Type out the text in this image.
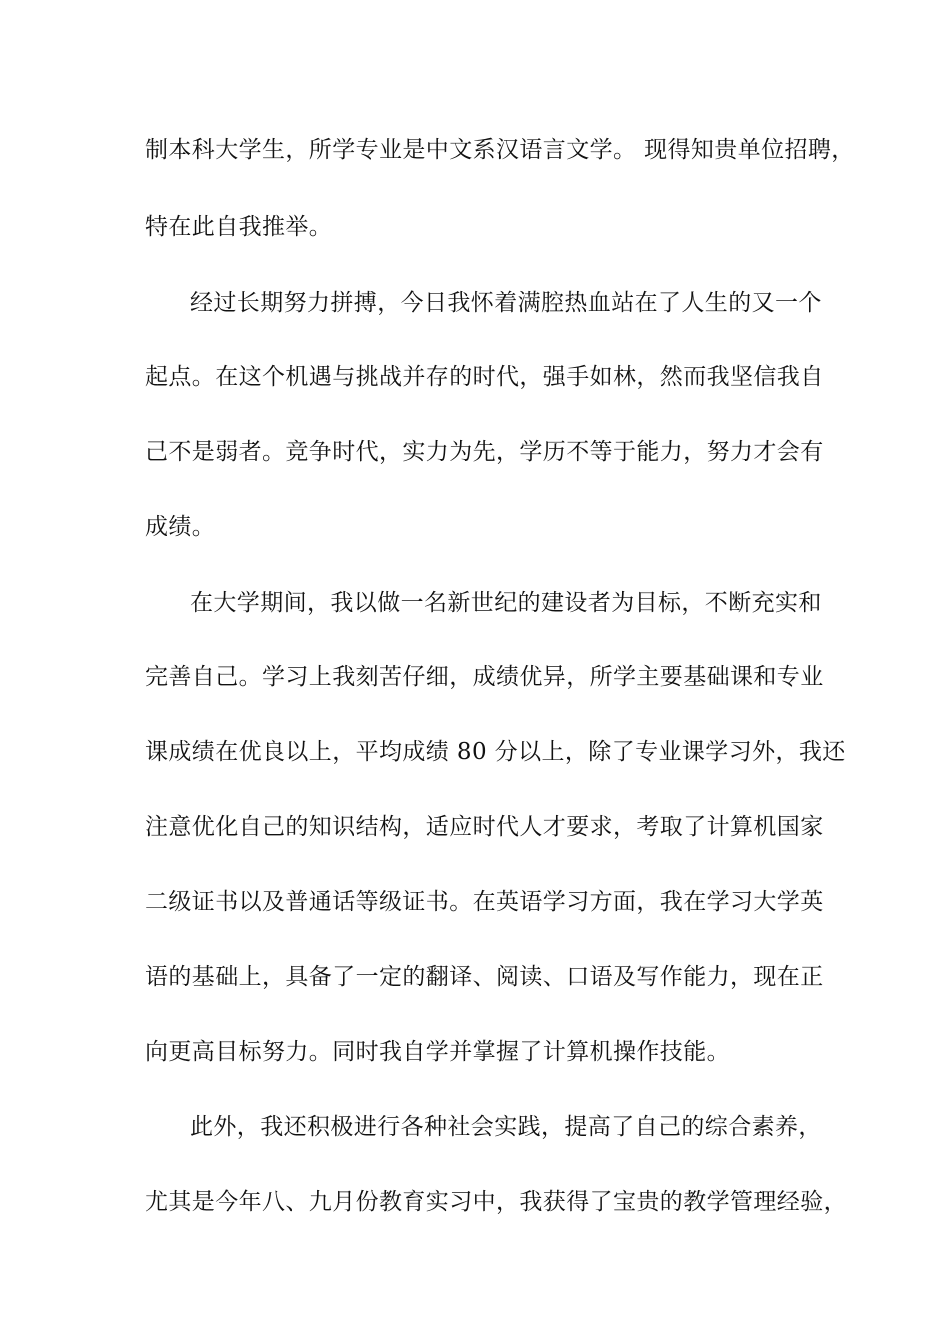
制本科大学生，所学专业是中文系汉语言文学。 现得知贵单位招聘，
特在此自我推举。
经过长期努力拼搏，今日我怀着满腔热血站在了人生的又一个
起点。在这个机遇与挑战并存的时代，强手如林，然而我坚信我自
己不是弱者。竞争时代，实力为先，学历不等于能力，努力才会有
成绩。
在大学期间，我以做一名新世纪的建设者为目标，不断充实和
完善自己。学习上我刻苦仔细，成绩优异，所学主要基础课和专业
课成绩在优良以上，平均成绩 80 分以上，除了专业课学习外，我还
注意优化自己的知识结构，适应时代人才要求，考取了计算机国家
二级证书以及普通话等级证书。在英语学习方面，我在学习大学英
语的基础上，具备了一定的翻译、阅读、口语及写作能力，现在正
向更高目标努力。同时我自学并掌握了计算机操作技能。
此外，我还积极进行各种社会实践，提高了自己的综合素养，
尤其是今年八、九月份教育实习中，我获得了宝贵的教学管理经验，
